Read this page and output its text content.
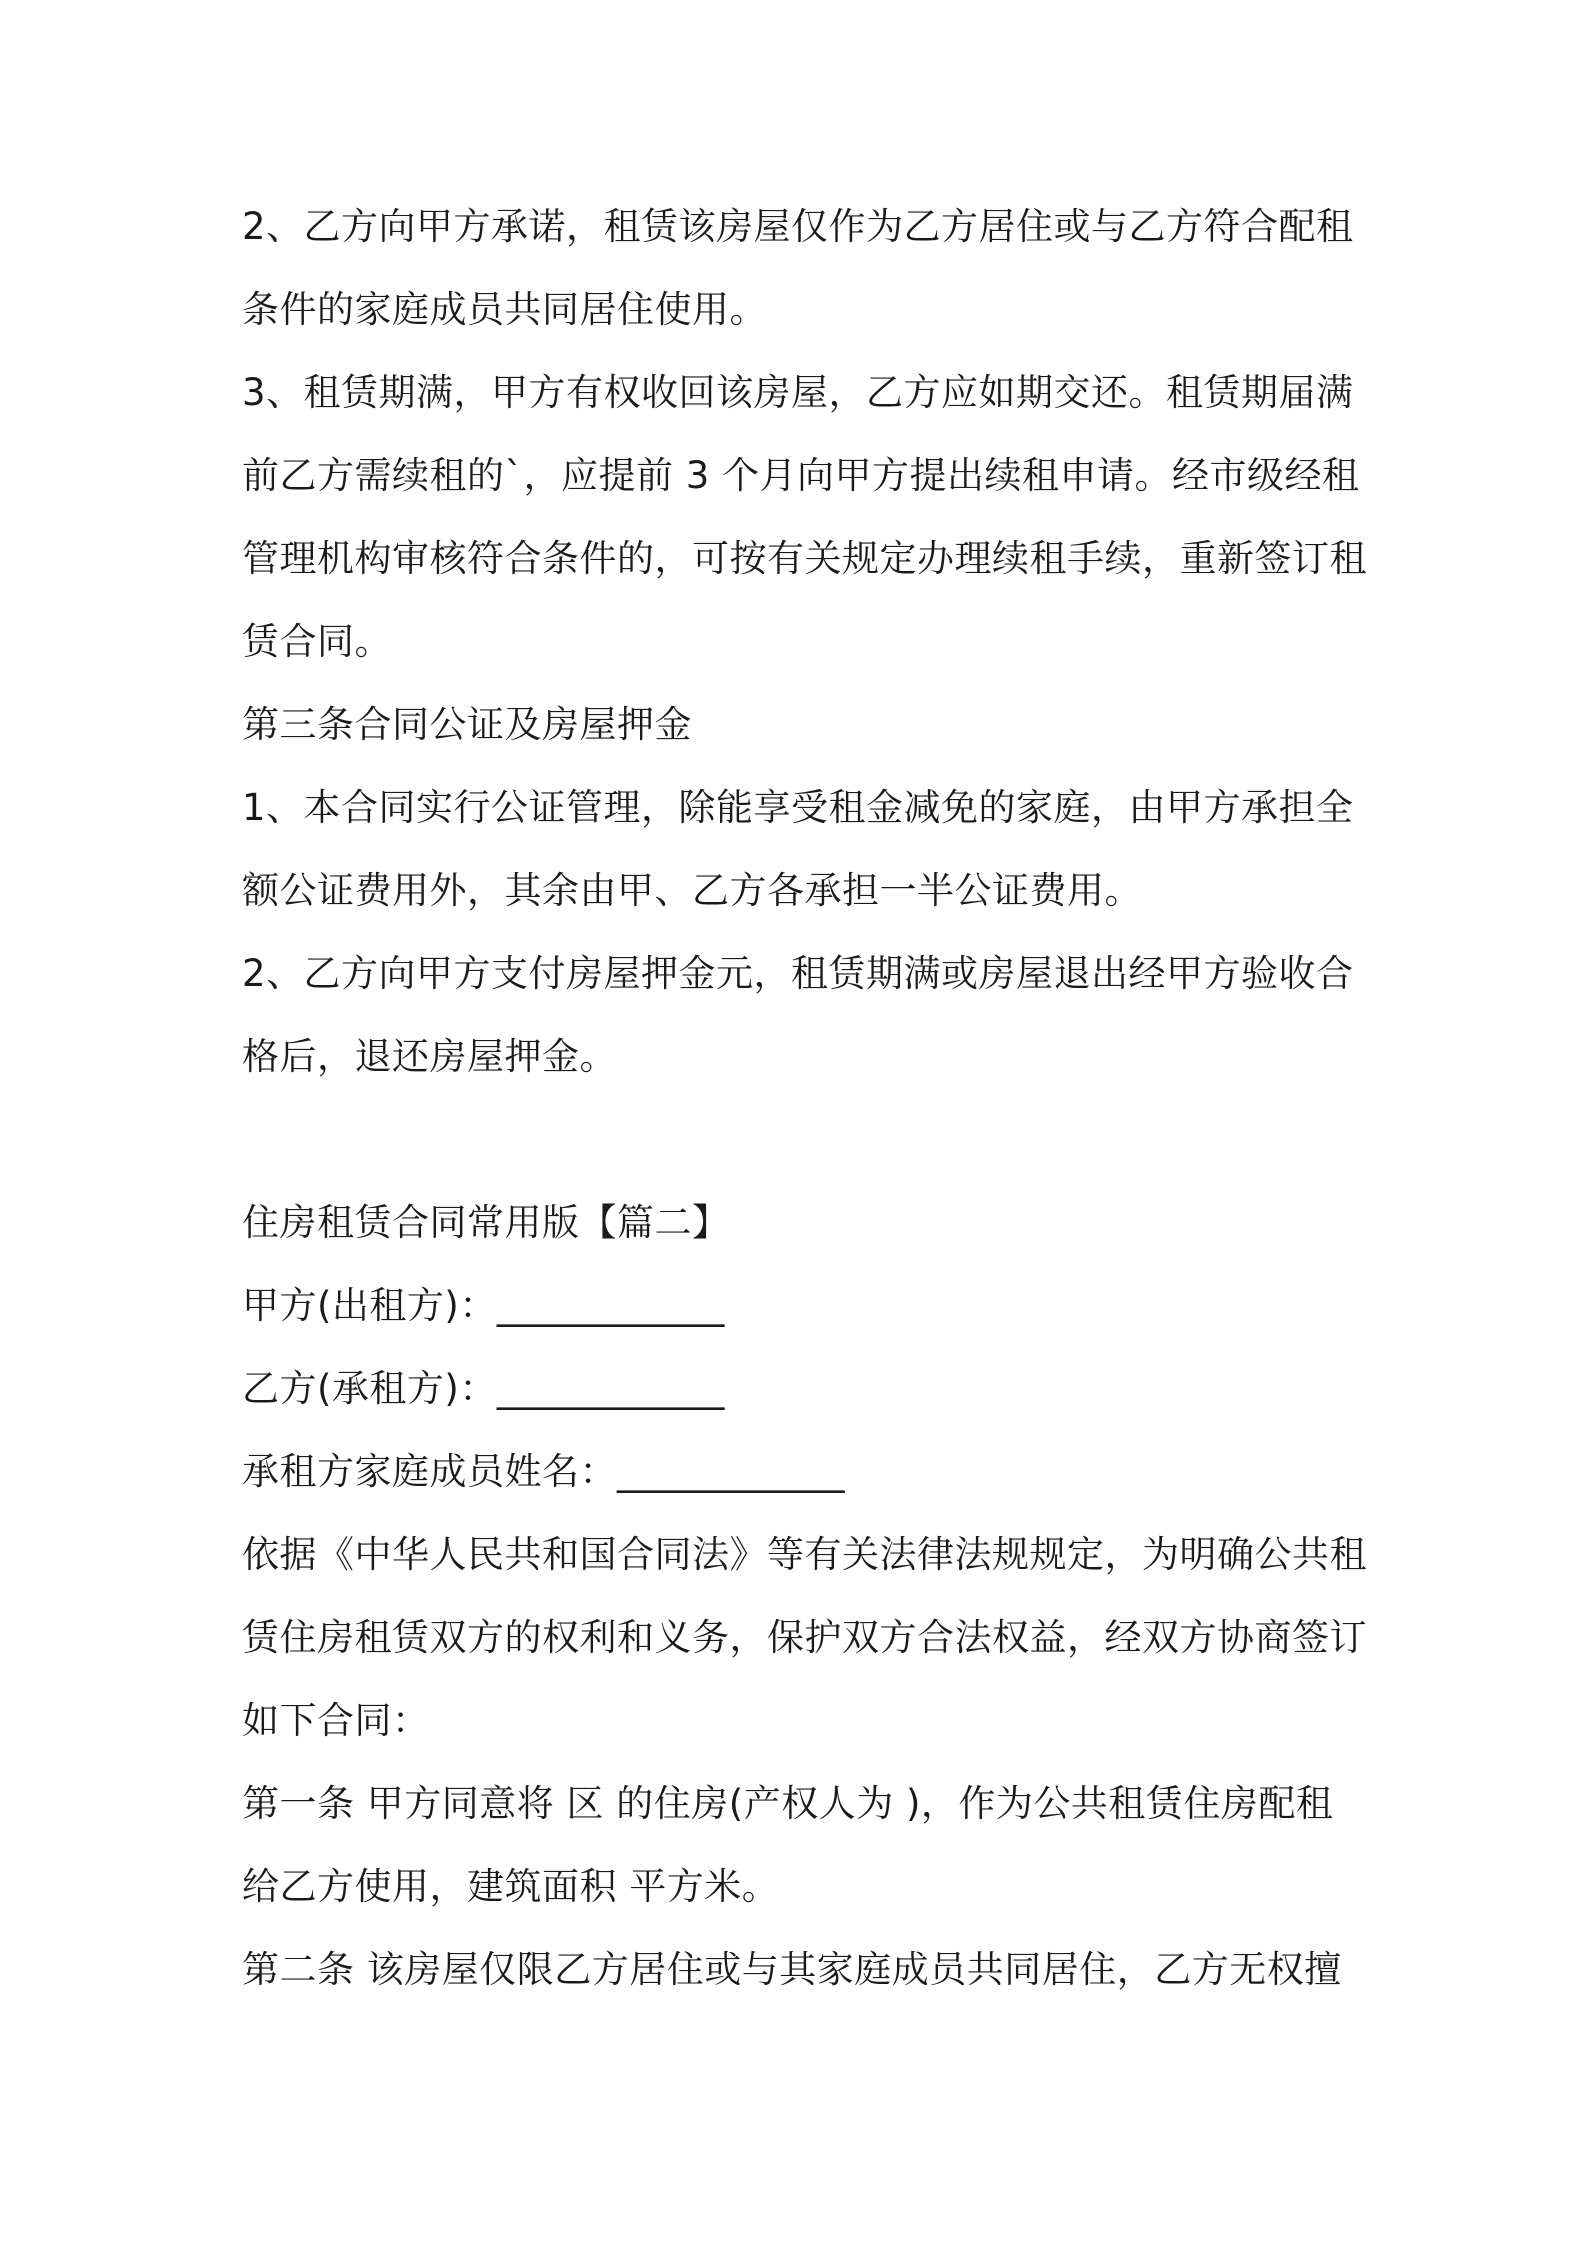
2、乙方向甲方承诺，租赁该房屋仅作为乙方居住或与乙方符合配租
条件的家庭成员共同居住使用。
3、租赁期满，甲方有权收回该房屋，乙方应如期交还。租赁期届满
前乙方需续租的`，应提前 3 个月向甲方提出续租申请。经市级经租
管理机构审核符合条件的，可按有关规定办理续租手续，重新签订租
赁合同。
第三条合同公证及房屋押金
1、本合同实行公证管理，除能享受租金减免的家庭，由甲方承担全
额公证费用外，其余由甲、乙方各承担一半公证费用。
2、乙方向甲方支付房屋押金元，租赁期满或房屋退出经甲方验收合
格后，退还房屋押金。
住房租赁合同常用版【篇二】
甲方(出租方)：____________
乙方(承租方)：____________
承租方家庭成员姓名：____________
依据《中华人民共和国合同法》等有关法律法规规定，为明确公共租
赁住房租赁双方的权利和义务，保护双方合法权益，经双方协商签订
如下合同：
第一条 甲方同意将 区 的住房(产权人为 )，作为公共租赁住房配租
给乙方使用，建筑面积 平方米。
第二条 该房屋仅限乙方居住或与其家庭成员共同居住，乙方无权擅
